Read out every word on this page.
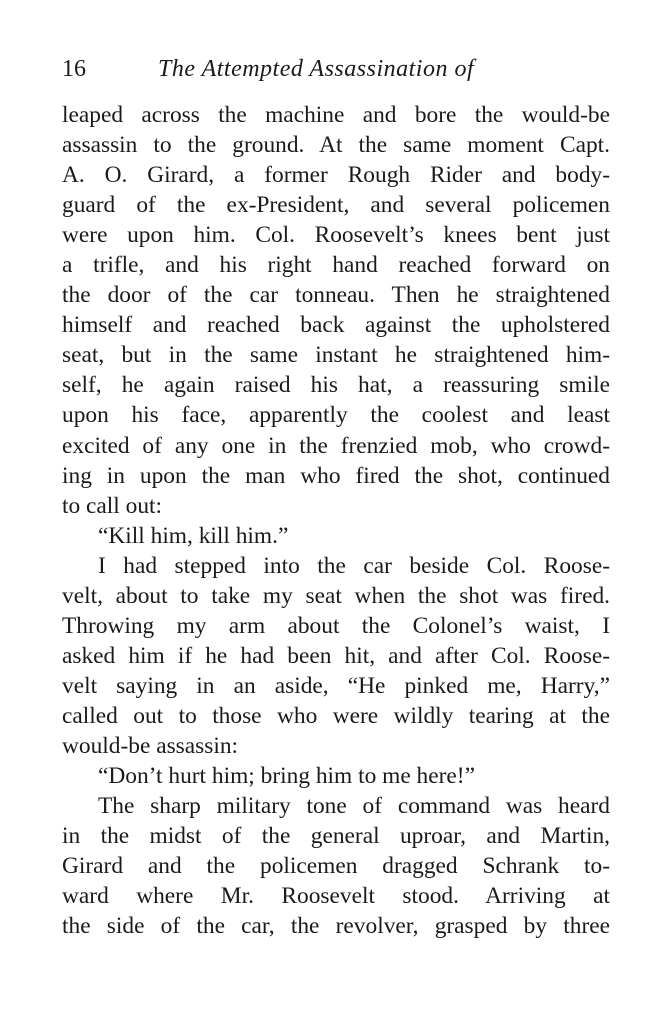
16	The Attempted Assassination of
leaped across the machine and bore the would-be
assassin to the ground. At the same moment Capt.
A. O. Girard, a former Rough Rider and body-
guard of the ex-President, and several policemen
were upon him. Col. Roosevelt’s knees bent just
a trifle, and his right hand reached forward on
the door of the car tonneau. Then he straightened
himself and reached back against the upholstered
seat, but in the same instant he straightened him-
self, he again raised his hat, a reassuring smile
upon his face, apparently the coolest and least
excited of any one in the frenzied mob, who crowd-
ing in upon the man who fired the shot, continued
to call out:
“Kill him, kill him.”
I had stepped into the car beside Col. Roose-
velt, about to take my seat when the shot was fired.
Throwing my arm about the Colonel’s waist, I
asked him if he had been hit, and after Col. Roose-
velt saying in an aside, “He pinked me, Harry,”
called out to those who were wildly tearing at the
would-be assassin:
“Don’t hurt him; bring him to me here!”
The sharp military tone of command was heard
in the midst of the general uproar, and Martin,
Girard and the policemen dragged Schrank to-
ward where Mr. Roosevelt stood. Arriving at
the side of the car, the revolver, grasped by three
